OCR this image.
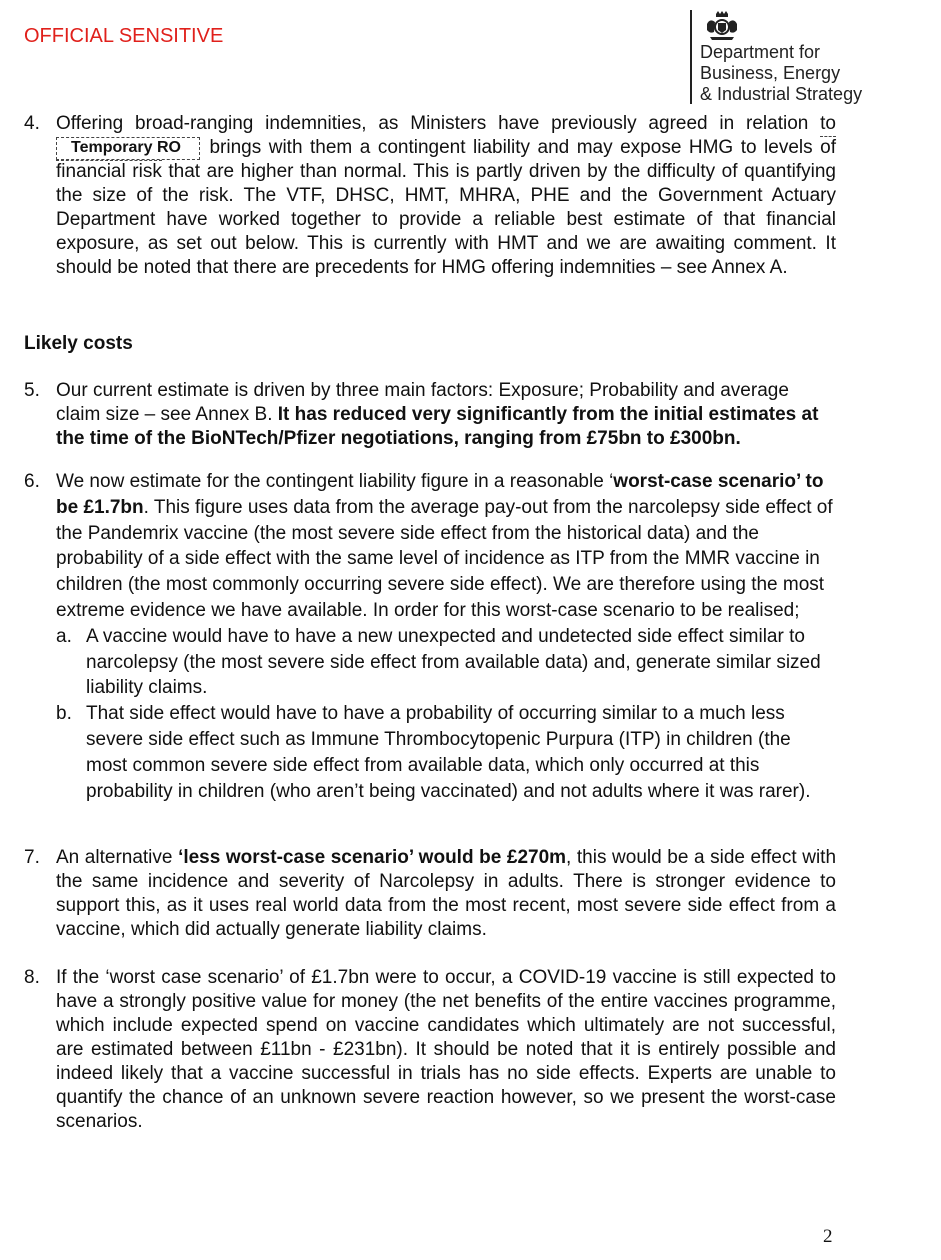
OFFICIAL SENSITIVE
Department for
Business, Energy
& Industrial Strategy
4. Offering broad-ranging indemnities, as Ministers have previously agreed in relation to Temporary RO brings with them a contingent liability and may expose HMG to levels of financial risk that are higher than normal. This is partly driven by the difficulty of quantifying the size of the risk. The VTF, DHSC, HMT, MHRA, PHE and the Government Actuary Department have worked together to provide a reliable best estimate of that financial exposure, as set out below. This is currently with HMT and we are awaiting comment. It should be noted that there are precedents for HMG offering indemnities – see Annex A.

Likely costs

5. Our current estimate is driven by three main factors: Exposure; Probability and average claim size – see Annex B. It has reduced very significantly from the initial estimates at the time of the BioNTech/Pfizer negotiations, ranging from £75bn to £300bn.
6. We now estimate for the contingent liability figure in a reasonable ‘worst-case scenario’ to be £1.7bn. This figure uses data from the average pay-out from the narcolepsy side effect of the Pandemrix vaccine (the most severe side effect from the historical data) and the probability of a side effect with the same level of incidence as ITP from the MMR vaccine in children (the most commonly occurring severe side effect). We are therefore using the most extreme evidence we have available. In order for this worst-case scenario to be realised;
a. A vaccine would have to have a new unexpected and undetected side effect similar to narcolepsy (the most severe side effect from available data) and, generate similar sized liability claims.
b. That side effect would have to have a probability of occurring similar to a much less severe side effect such as Immune Thrombocytopenic Purpura (ITP) in children (the most common severe side effect from available data, which only occurred at this probability in children (who aren’t being vaccinated) and not adults where it was rarer).
7. An alternative ‘less worst-case scenario’ would be £270m, this would be a side effect with the same incidence and severity of Narcolepsy in adults. There is stronger evidence to support this, as it uses real world data from the most recent, most severe side effect from a vaccine, which did actually generate liability claims.
8. If the ‘worst case scenario’ of £1.7bn were to occur, a COVID-19 vaccine is still expected to have a strongly positive value for money (the net benefits of the entire vaccines programme, which include expected spend on vaccine candidates which ultimately are not successful, are estimated between £11bn - £231bn). It should be noted that it is entirely possible and indeed likely that a vaccine successful in trials has no side effects. Experts are unable to quantify the chance of an unknown severe reaction however, so we present the worst-case scenarios.
2
